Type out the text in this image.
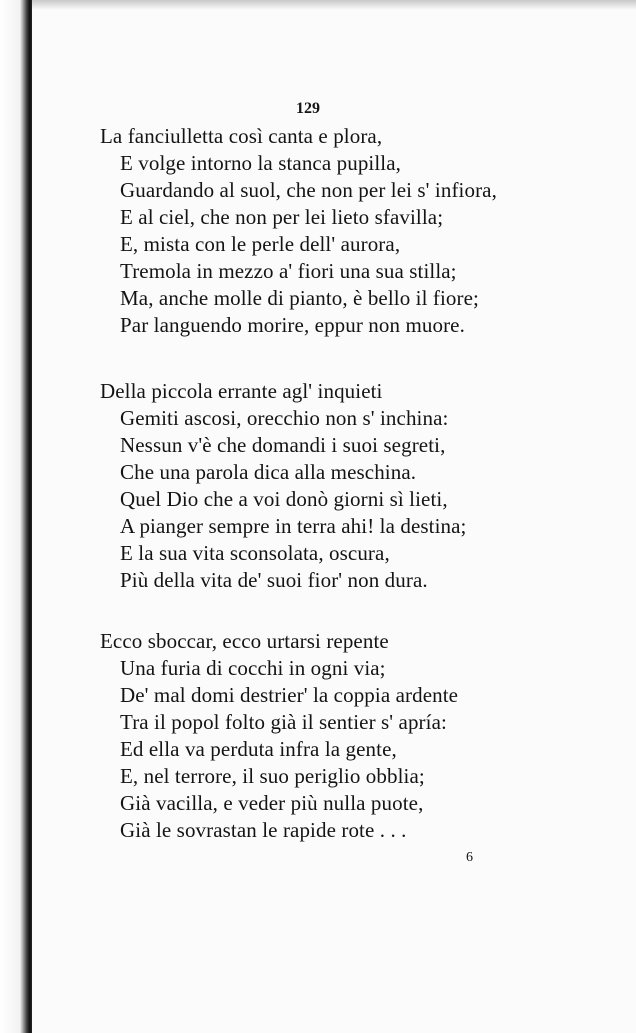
129
La fanciulletta così canta e plora,
E volge intorno la stanca pupilla,
Guardando al suol, che non per lei s' infiora,
E al ciel, che non per lei lieto sfavilla;
E, mista con le perle dell' aurora,
Tremola in mezzo a' fiori una sua stilla;
Ma, anche molle di pianto, è bello il fiore;
Par languendo morire, eppur non muore.
Della piccola errante agl' inquieti
Gemiti ascosi, orecchio non s' inchina:
Nessun v'è che domandi i suoi segreti,
Che una parola dica alla meschina.
Quel Dio che a voi donò giorni sì lieti,
A pianger sempre in terra ahi! la destina;
E la sua vita sconsolata, oscura,
Più della vita de' suoi fior' non dura.
Ecco sboccar, ecco urtarsi repente
Una furia di cocchi in ogni via;
De' mal domi destrier' la coppia ardente
Tra il popol folto già il sentier s' apría:
Ed ella va perduta infra la gente,
E, nel terrore, il suo periglio obblia;
Già vacilla, e veder più nulla puote,
Già le sovrastan le rapide rote . . .
6
